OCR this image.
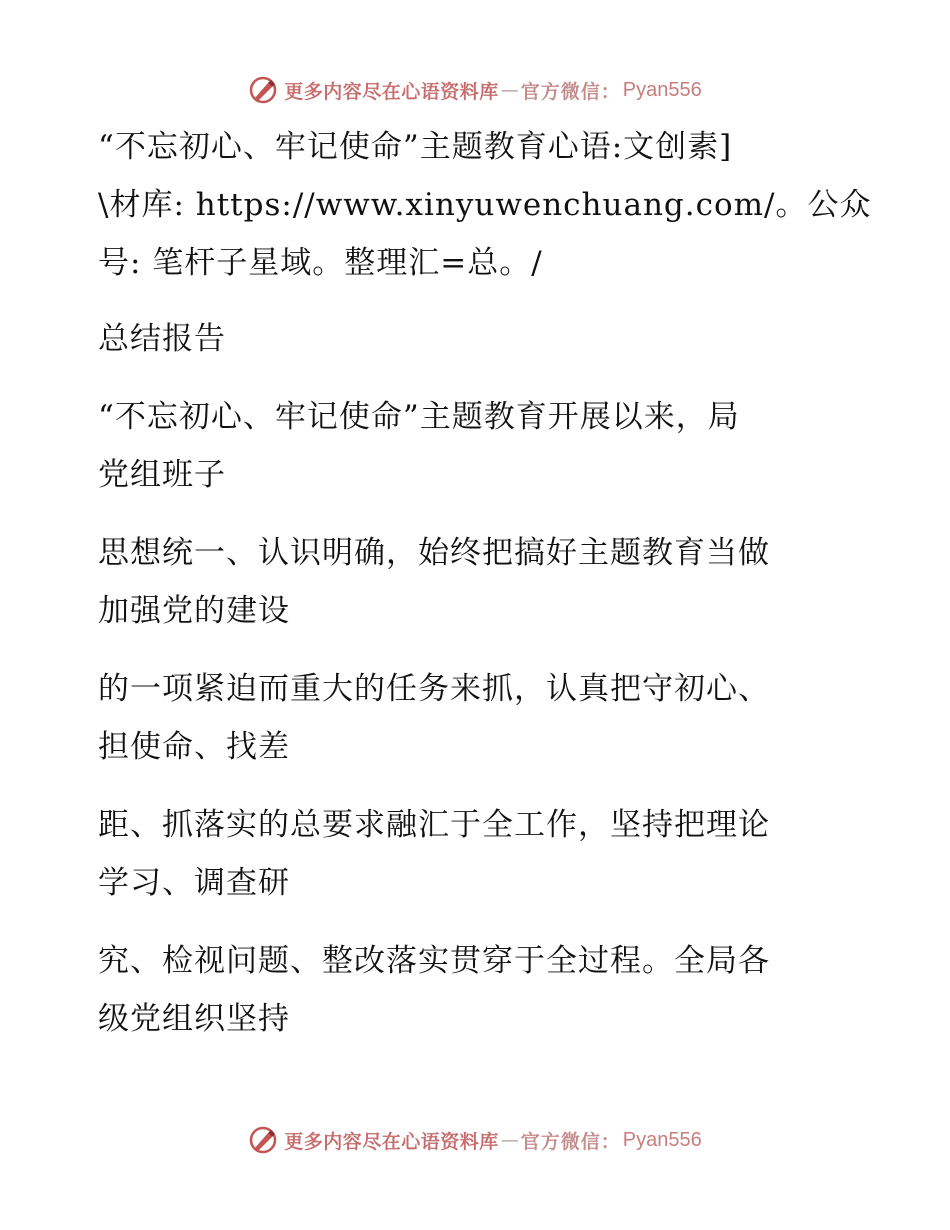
更多内容尽在心语资料库 — 官方微信： Pyan556
“不忘初心、牢记使命”主题教育心语:文创素]
\材库: https://www.xinyuwenchuang.com/。公众
号: 笔杆子星域。整理汇=总。/
总结报告
“不忘初心、牢记使命”主题教育开展以来，局
党组班子
思想统一、认识明确，始终把搞好主题教育当做
加强党的建设
的一项紧迫而重大的任务来抓，认真把守初心、
担使命、找差
距、抓落实的总要求融汇于全工作，坚持把理论
学习、调查研
究、检视问题、整改落实贯穿于全过程。全局各
级党组织坚持
更多内容尽在心语资料库 — 官方微信： Pyan556
